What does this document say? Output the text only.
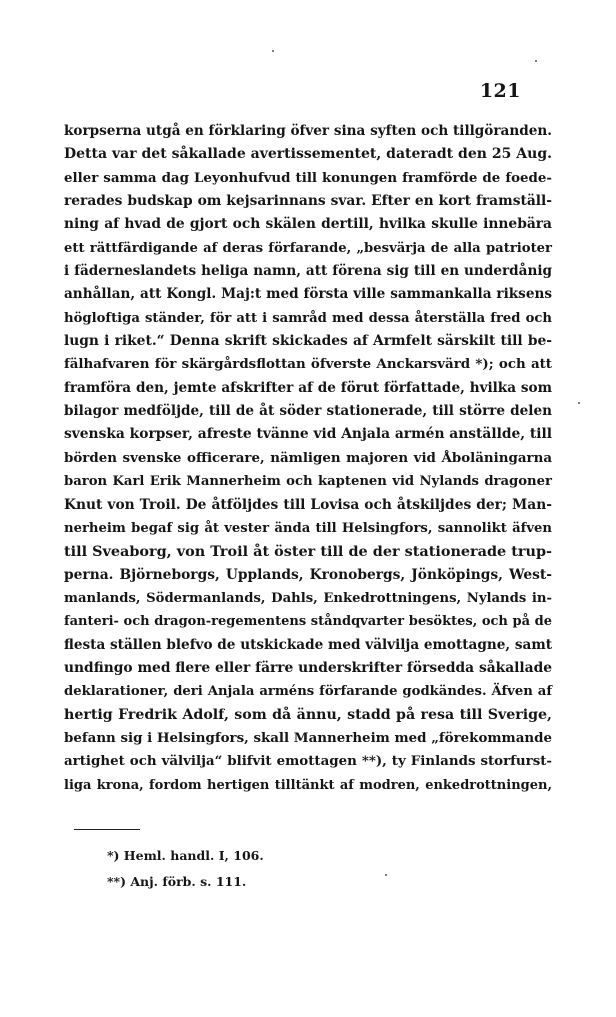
121
korpserna utgå en förklaring öfver sina syften och tillgöranden.
Detta var det såkallade avertissementet, dateradt den 25 Aug.
eller samma dag Leyonhufvud till konungen framförde de foede-
rerades budskap om kejsarinnans svar. Efter en kort framställ-
ning af hvad de gjort och skälen dertill, hvilka skulle innebära
ett rättfärdigande af deras förfarande, „besvärja de alla patrioter
i fäderneslandets heliga namn, att förena sig till en underdånig
anhållan, att Kongl. Maj:t med första ville sammankalla riksens
högloftiga ständer, för att i samråd med dessa återställa fred och
lugn i riket.“ Denna skrift skickades af Armfelt särskilt till be-
fälhafvaren för skärgårdsflottan öfverste Anckarsvärd *); och att
framföra den, jemte afskrifter af de förut författade, hvilka som
bilagor medföljde, till de åt söder stationerade, till större delen
svenska korpser, afreste tvänne vid Anjala armén anställde, till
börden svenske officerare, nämligen majoren vid Åboläningarna
baron Karl Erik Mannerheim och kaptenen vid Nylands dragoner
Knut von Troil. De åtföljdes till Lovisa och åtskiljdes der; Man-
nerheim begaf sig åt vester ända till Helsingfors, sannolikt äfven
till Sveaborg, von Troil åt öster till de der stationerade trup-
perna. Björneborgs, Upplands, Kronobergs, Jönköpings, West-
manlands, Södermanlands, Dahls, Enkedrottningens, Nylands in-
fanteri- och dragon-regementens ståndqvarter besöktes, och på de
flesta ställen blefvo de utskickade med välvilja emottagne, samt
undfingo med flere eller färre underskrifter försedda såkallade
deklarationer, deri Anjala arméns förfarande godkändes. Äfven af
hertig Fredrik Adolf, som då ännu, stadd på resa till Sverige,
befann sig i Helsingfors, skall Mannerheim med „förekommande
artighet och välvilja“ blifvit emottagen **), ty Finlands storfurst-
liga krona, fordom hertigen tilltänkt af modren, enkedrottningen,
*) Heml. handl. I, 106.
**) Anj. förb. s. 111.
